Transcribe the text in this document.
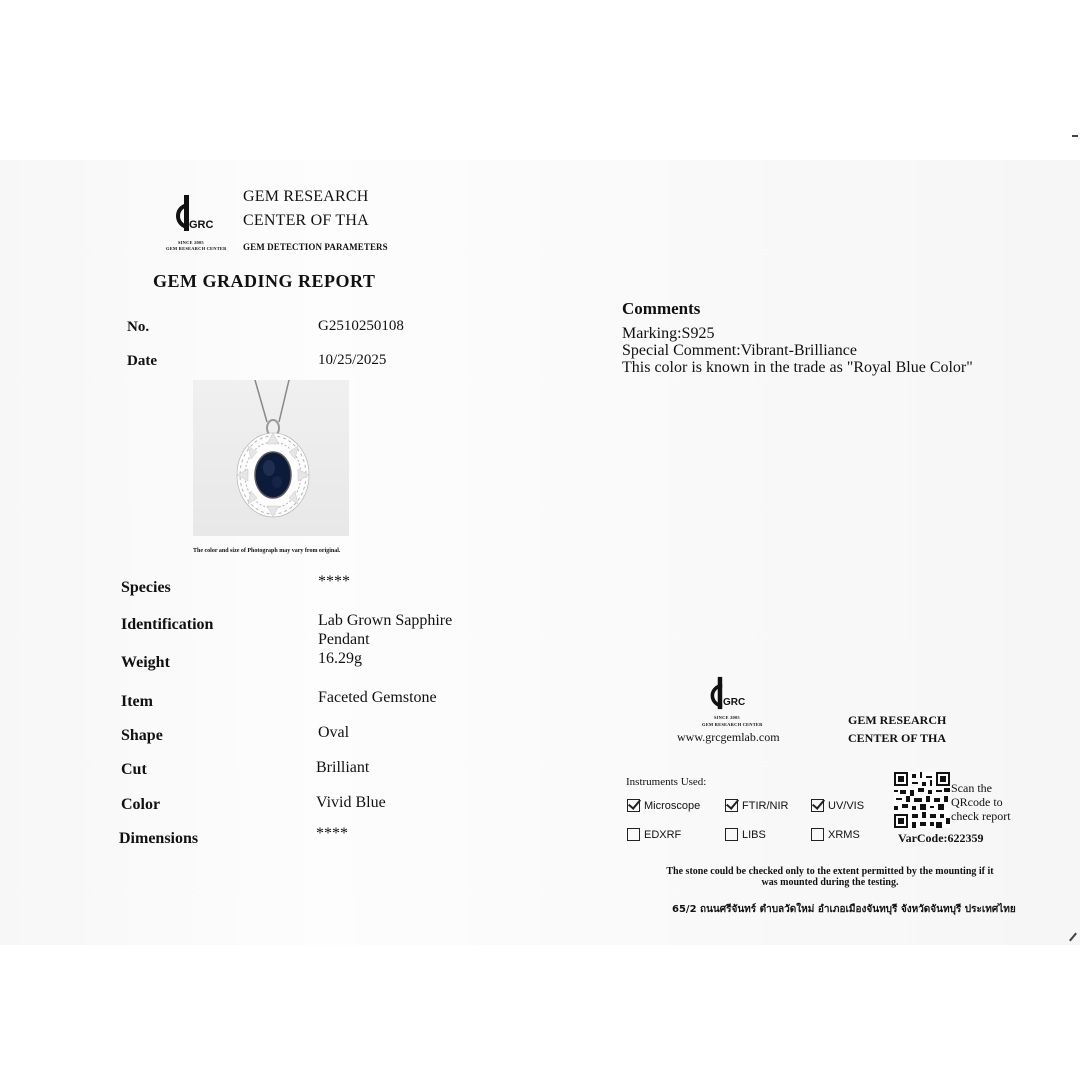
GRC
SINCE 2005
GEM RESEARCH CENTER
GEM RESEARCH
CENTER OF THA
GEM DETECTION PARAMETERS
GEM GRADING REPORT
No.	G2510250108
Date	10/25/2025
The color and size of Photograph may vary from original.
Species	****
Identification	Lab Grown Sapphire
Pendant
Weight	16.29g
Item	Faceted Gemstone
Shape	Oval
Cut	Brilliant
Color	Vivid Blue
Dimensions	****
Comments
Marking:S925
Special Comment:Vibrant-Brilliance
This color is known in the trade as "Royal Blue Color"
GRC
SINCE 2005
GEM RESEARCH CENTER
www.grcgemlab.com
GEM RESEARCH
CENTER OF THA
Instruments Used:
Microscope	FTIR/NIR	UV/VIS
EDXRF	LIBS	XRMS
Scan the
QRcode to
check report
VarCode:622359
The stone could be checked only to the extent permitted by the mounting if it
was mounted during the testing.
65/2 ถนนศรีจันทร์ ตำบลวัดใหม่ อำเภอเมืองจันทบุรี จังหวัดจันทบุรี ประเทศไทย
